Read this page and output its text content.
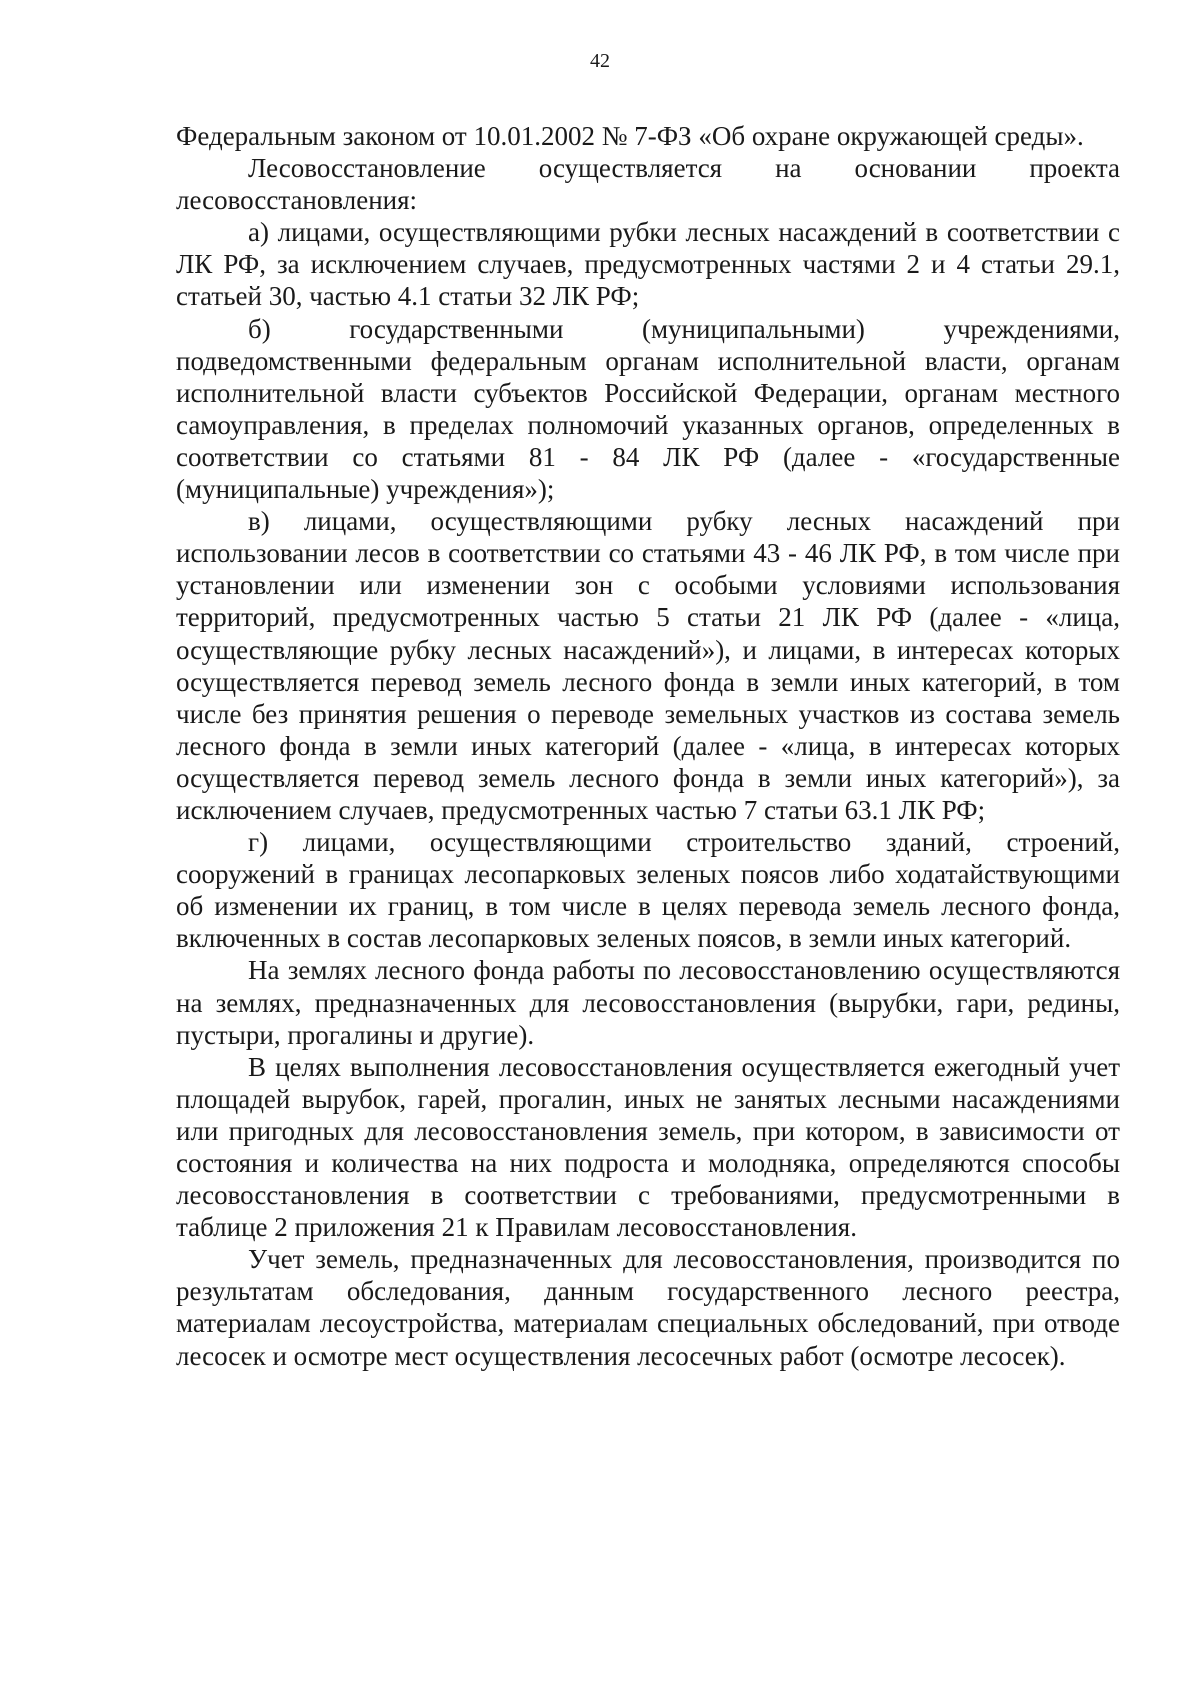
42

Федеральным законом от 10.01.2002 № 7-ФЗ «Об охране окружающей среды».

Лесовосстановление осуществляется на основании проекта лесовосстановления:

а) лицами, осуществляющими рубки лесных насаждений в соответствии с ЛК РФ, за исключением случаев, предусмотренных частями 2 и 4 статьи 29.1, статьей 30, частью 4.1 статьи 32 ЛК РФ;

б) государственными (муниципальными) учреждениями, подведомственными федеральным органам исполнительной власти, органам исполнительной власти субъектов Российской Федерации, органам местного самоуправления, в пределах полномочий указанных органов, определенных в соответствии со статьями 81 - 84 ЛК РФ (далее - «государственные (муниципальные) учреждения»);

в) лицами, осуществляющими рубку лесных насаждений при использовании лесов в соответствии со статьями 43 - 46 ЛК РФ, в том числе при установлении или изменении зон с особыми условиями использования территорий, предусмотренных частью 5 статьи 21 ЛК РФ (далее - «лица, осуществляющие рубку лесных насаждений»), и лицами, в интересах которых осуществляется перевод земель лесного фонда в земли иных категорий, в том числе без принятия решения о переводе земельных участков из состава земель лесного фонда в земли иных категорий (далее - «лица, в интересах которых осуществляется перевод земель лесного фонда в земли иных категорий»), за исключением случаев, предусмотренных частью 7 статьи 63.1 ЛК РФ;

г) лицами, осуществляющими строительство зданий, строений, сооружений в границах лесопарковых зеленых поясов либо ходатайствующими об изменении их границ, в том числе в целях перевода земель лесного фонда, включенных в состав лесопарковых зеленых поясов, в земли иных категорий.

На землях лесного фонда работы по лесовосстановлению осуществляются на землях, предназначенных для лесовосстановления (вырубки, гари, редины, пустыри, прогалины и другие).

В целях выполнения лесовосстановления осуществляется ежегодный учет площадей вырубок, гарей, прогалин, иных не занятых лесными насаждениями или пригодных для лесовосстановления земель, при котором, в зависимости от состояния и количества на них подроста и молодняка, определяются способы лесовосстановления в соответствии с требованиями, предусмотренными в таблице 2 приложения 21 к Правилам лесовосстановления.

Учет земель, предназначенных для лесовосстановления, производится по результатам обследования, данным государственного лесного реестра, материалам лесоустройства, материалам специальных обследований, при отводе лесосек и осмотре мест осуществления лесосечных работ (осмотре лесосек).
